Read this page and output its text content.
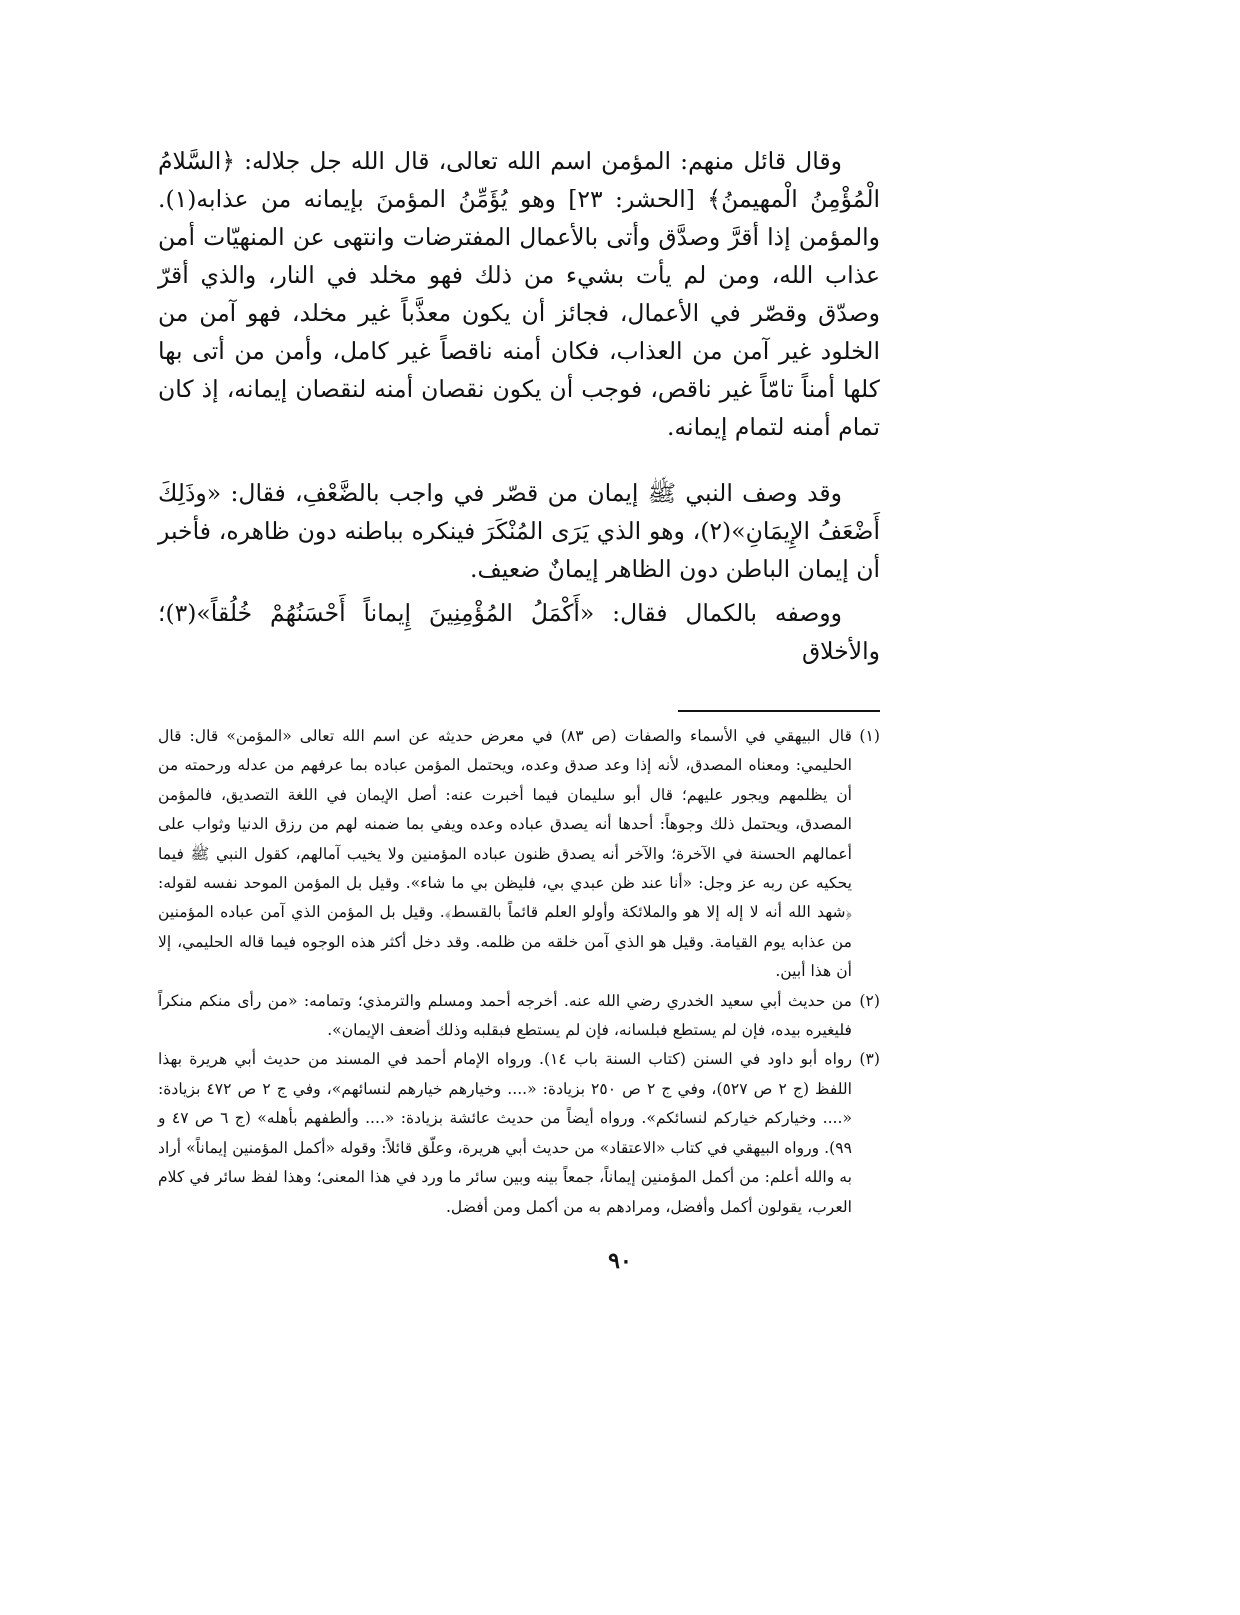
وقال قائل منهم: المؤمن اسم الله تعالى، قال الله جل جلاله: ﴿السَّلامُ الْمُؤْمِنُ الْمهيمنُ﴾ [الحشر: ٢٣] وهو يُؤَمِّنُ المؤمنَ بإيمانه من عذابه(١). والمؤمن إذا أقرَّ وصدَّق وأتى بالأعمال المفترضات وانتهى عن المنهيّات أمن عذاب الله، ومن لم يأت بشيء من ذلك فهو مخلد في النار، والذي أقرّ وصدّق وقصّر في الأعمال، فجائز أن يكون معذَّباً غير مخلد، فهو آمن من الخلود غير آمن من العذاب، فكان أمنه ناقصاً غير كامل، وأمن من أتى بها كلها أمناً تامّاً غير ناقص، فوجب أن يكون نقصان أمنه لنقصان إيمانه، إذ كان تمام أمنه لتمام إيمانه.

وقد وصف النبي ﷺ إيمان من قصّر في واجب بالضَّعْفِ، فقال: «وذَلِكَ أَضْعَفُ الإِيمَانِ»(٢)، وهو الذي يَرَى المُنْكَرَ فينكره بباطنه دون ظاهره، فأخبر أن إيمان الباطن دون الظاهر إيمانٌ ضعيف.

ووصفه بالكمال فقال: «أَكْمَلُ المُؤْمِنِينَ إِيماناً أَحْسَنُهُمْ خُلُقاً»(٣)؛ والأخلاق

(١)
قال البيهقي في الأسماء والصفات (ص ٨٣) في معرض حديثه عن اسم الله تعالى «المؤمن» قال: قال الحليمي: ومعناه المصدق، لأنه إذا وعد صدق وعده، ويحتمل المؤمن عباده بما عرفهم من عدله ورحمته من أن يظلمهم ويجور عليهم؛ قال أبو سليمان فيما أخبرت عنه: أصل الإيمان في اللغة التصديق، فالمؤمن المصدق، ويحتمل ذلك وجوهاً: أحدها أنه يصدق عباده وعده ويفي بما ضمنه لهم من رزق الدنيا وثواب على أعمالهم الحسنة في الآخرة؛ والآخر أنه يصدق ظنون عباده المؤمنين ولا يخيب آمالهم، كقول النبي ﷺ فيما يحكيه عن ربه عز وجل: «أنا عند ظن عبدي بي، فليظن بي ما شاء». وقيل بل المؤمن الموحد نفسه لقوله: ﴿شهد الله أنه لا إله إلا هو والملائكة وأولو العلم قائماً بالقسط﴾. وقيل بل المؤمن الذي آمن عباده المؤمنين من عذابه يوم القيامة. وقيل هو الذي آمن خلقه من ظلمه. وقد دخل أكثر هذه الوجوه فيما قاله الحليمي، إلا أن هذا أبين.
(٢)
من حديث أبي سعيد الخدري رضي الله عنه. أخرجه أحمد ومسلم والترمذي؛ وتمامه: «من رأى منكم منكراً فليغيره بيده، فإن لم يستطع فبلسانه، فإن لم يستطع فبقلبه وذلك أضعف الإيمان».
(٣)
رواه أبو داود في السنن (كتاب السنة باب ١٤). ورواه الإمام أحمد في المسند من حديث أبي هريرة بهذا اللفظ (ج ٢ ص ٥٢٧)، وفي ج ٢ ص ٢٥٠ بزيادة: «.... وخيارهم خيارهم لنسائهم»، وفي ج ٢ ص ٤٧٢ بزيادة: «.... وخياركم خياركم لنسائكم». ورواه أيضاً من حديث عائشة بزيادة: «.... وألطفهم بأهله» (ج ٦ ص ٤٧ و ٩٩). ورواه البيهقي في كتاب «الاعتقاد» من حديث أبي هريرة، وعلّق قائلاً: وقوله «أكمل المؤمنين إيماناً» أراد به والله أعلم: من أكمل المؤمنين إيماناً، جمعاً بينه وبين سائر ما ورد في هذا المعنى؛ وهذا لفظ سائر في كلام العرب، يقولون أكمل وأفضل، ومرادهم به من أكمل ومن أفضل.
٩٠
